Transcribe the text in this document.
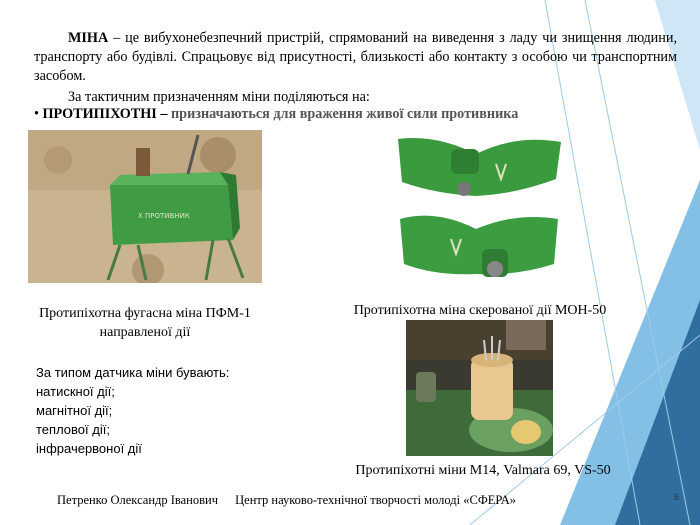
МІНА – це вибухонебезпечний пристрій, спрямований на виведення з ладу чи знищення людини, транспорту або будівлі. Спрацьовує від присутності, близькості або контакту з особою чи транспортним засобом.
За тактичним призначенням міни поділяються на:
• ПРОТИПІХОТНІ – призначаються для враження живої сили противника
Х ПРОТИВНИК
Протипіхотна фугасна міна ПФМ-1
направленої дії
Протипіхотна міна скерованої дії МОН-50
За типом датчика міни бувають:
натискної дії;
магнітної дії;
теплової дії;
інфрачервоної дії
Протипіхотні міни М14, Valmara 69, VS-50
Петренко Олександр Іванович Центр науково-технічної творчості молоді «СФЕРА»	6
